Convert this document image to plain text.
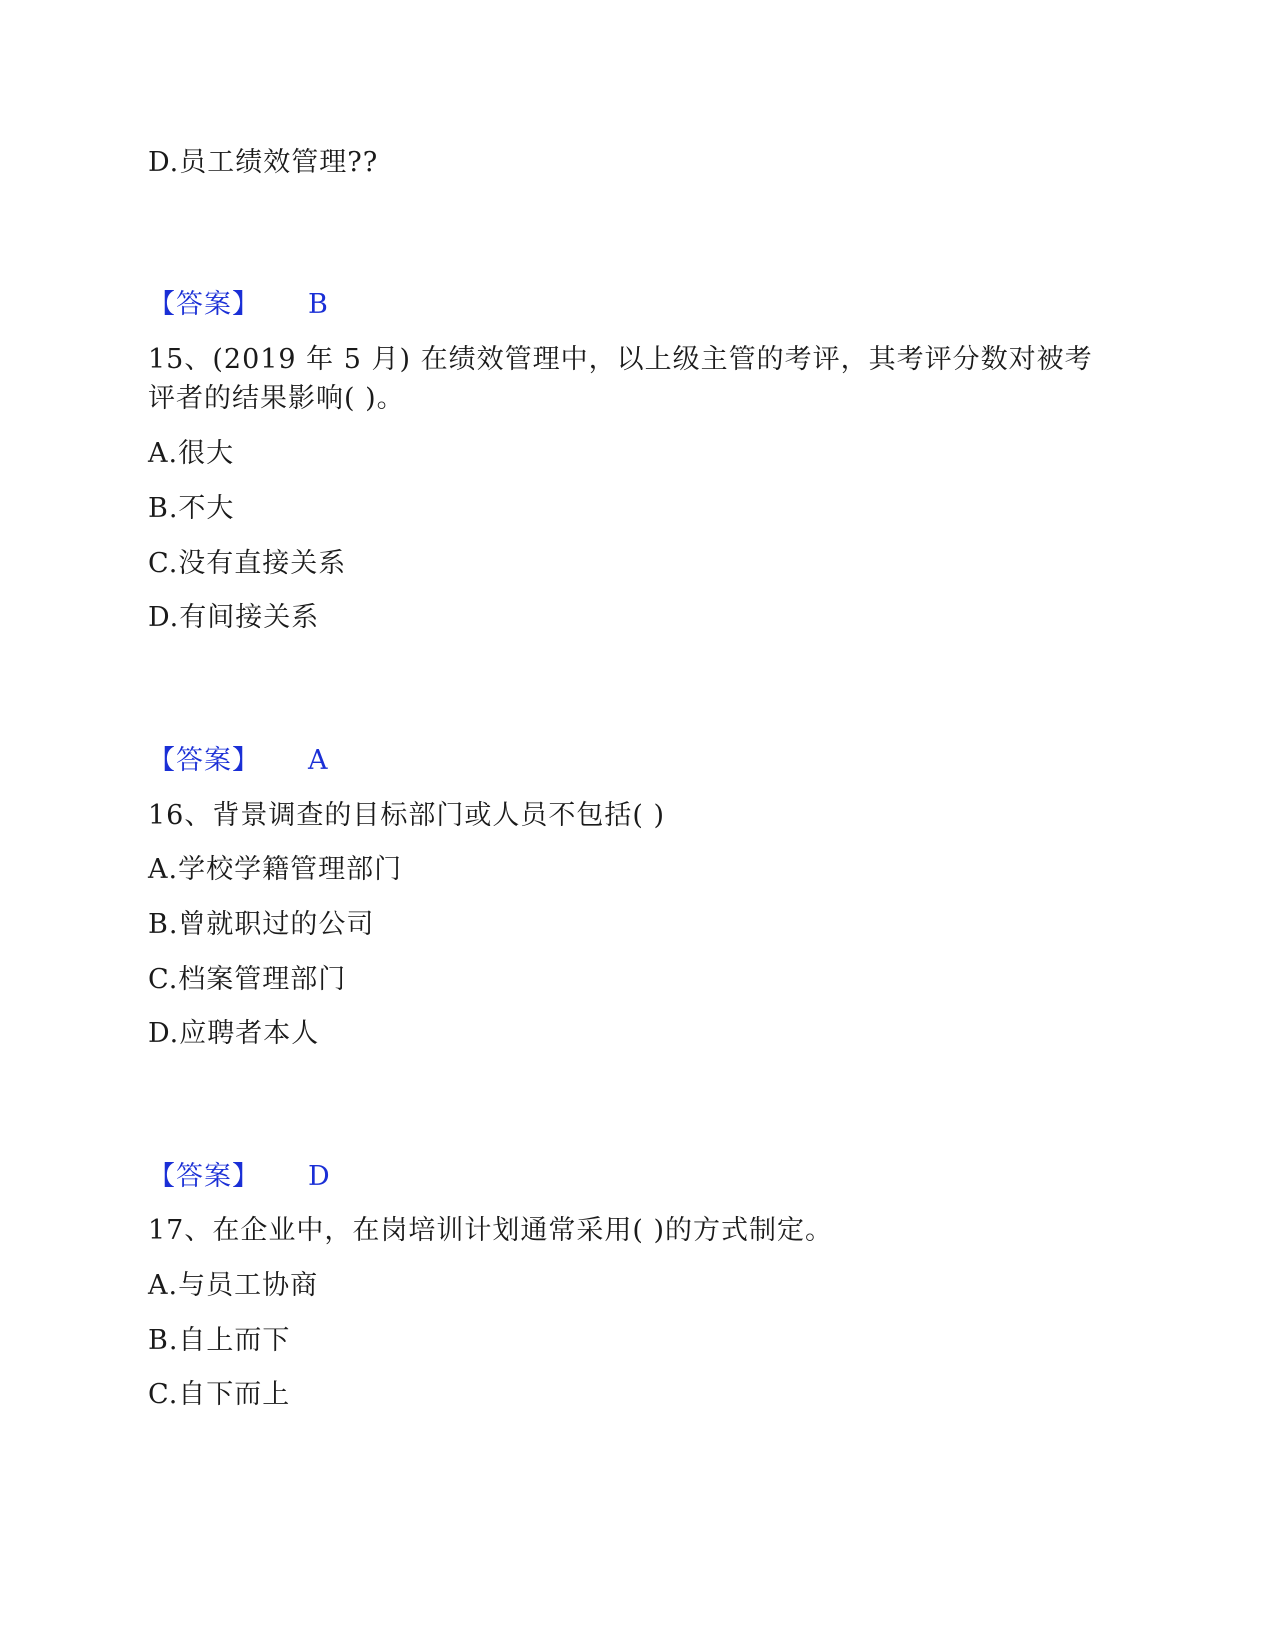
D.员工绩效管理??
【答案】 B
15、(2019 年 5 月) 在绩效管理中，以上级主管的考评，其考评分数对被考
评者的结果影响( )。
A.很大
B.不大
C.没有直接关系
D.有间接关系
【答案】 A
16、背景调查的目标部门或人员不包括( )
A.学校学籍管理部门
B.曾就职过的公司
C.档案管理部门
D.应聘者本人
【答案】 D
17、在企业中，在岗培训计划通常采用( )的方式制定。
A.与员工协商
B.自上而下
C.自下而上
